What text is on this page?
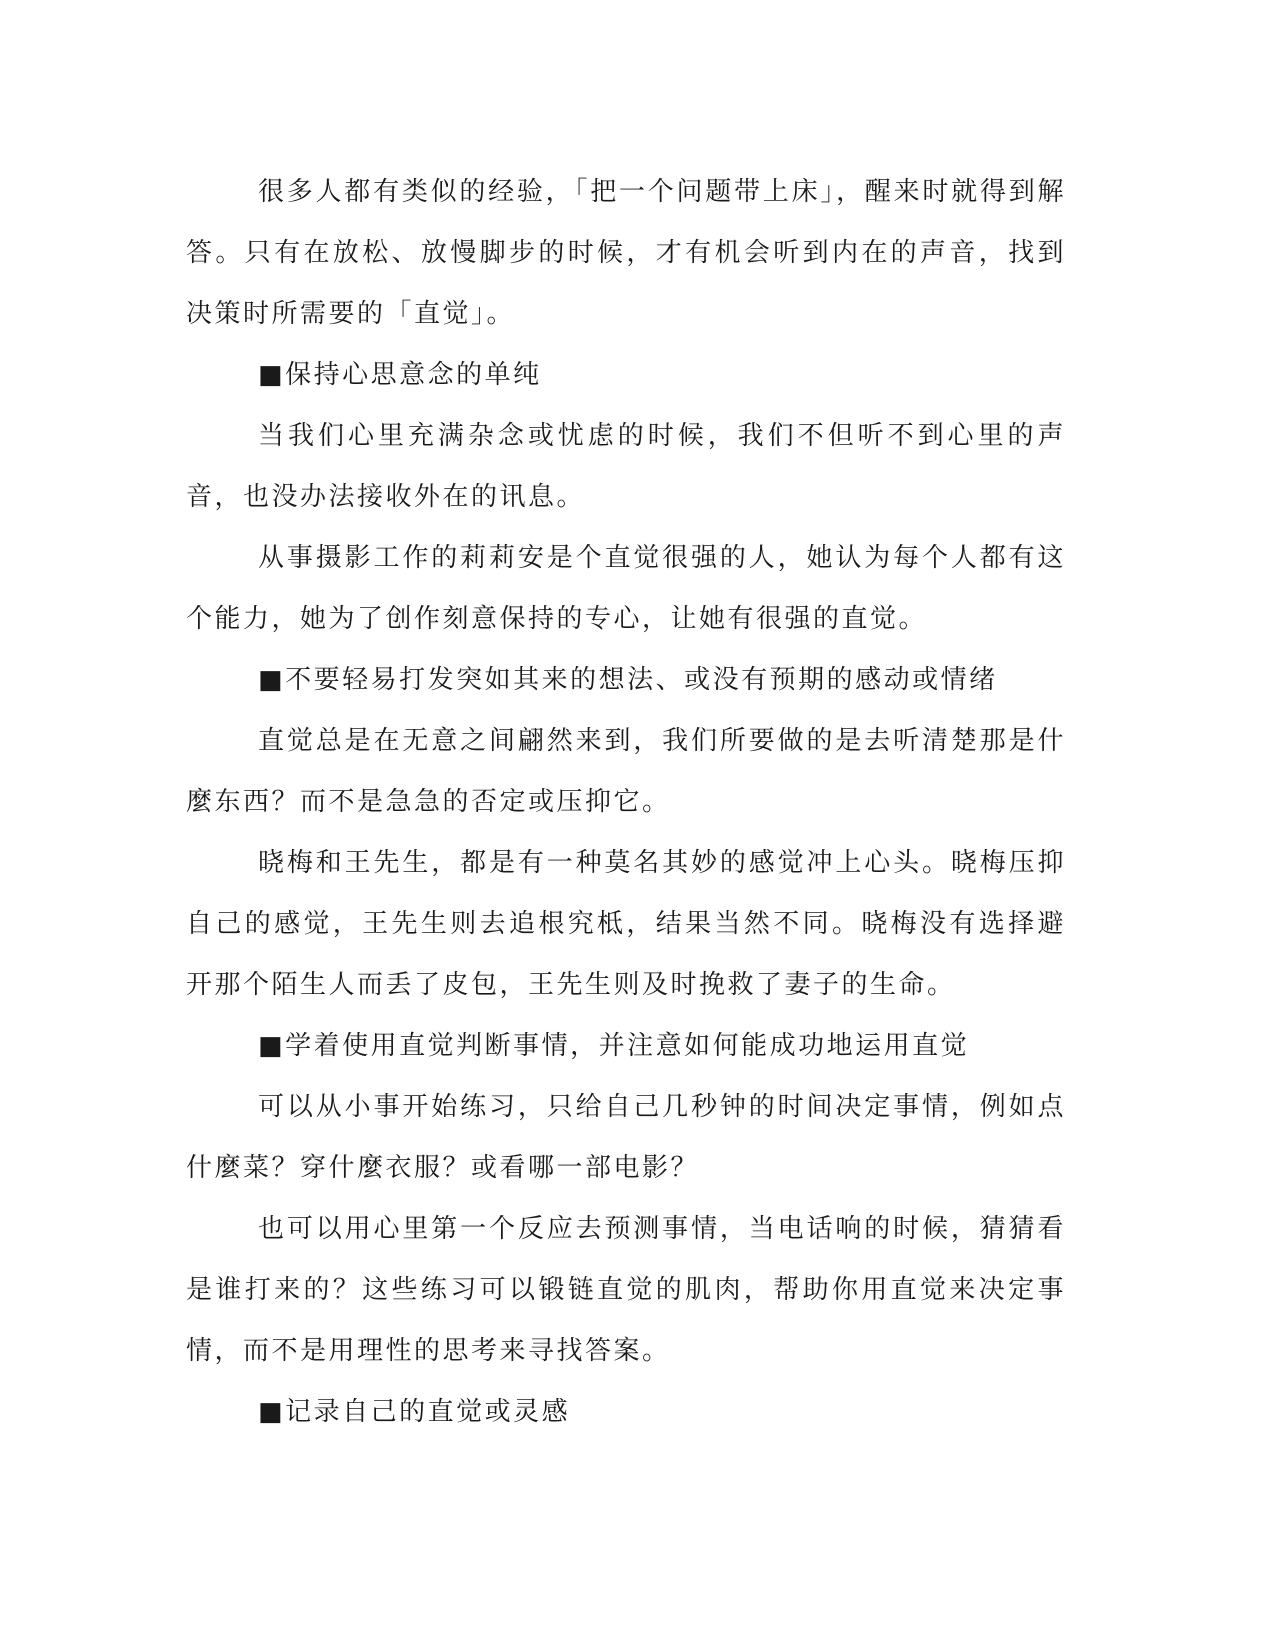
很多人都有类似的经验，「把一个问题带上床」，醒来时就得到解答。只有在放松、放慢脚步的时候，才有机会听到内在的声音，找到决策时所需要的「直觉」。

■保持心思意念的单纯

当我们心里充满杂念或忧虑的时候，我们不但听不到心里的声音，也没办法接收外在的讯息。

从事摄影工作的莉莉安是个直觉很强的人，她认为每个人都有这个能力，她为了创作刻意保持的专心，让她有很强的直觉。

■不要轻易打发突如其来的想法、或没有预期的感动或情绪

直觉总是在无意之间翩然来到，我们所要做的是去听清楚那是什麼东西？而不是急急的否定或压抑它。

晓梅和王先生，都是有一种莫名其妙的感觉冲上心头。晓梅压抑自己的感觉，王先生则去追根究柢，结果当然不同。晓梅没有选择避开那个陌生人而丢了皮包，王先生则及时挽救了妻子的生命。

■学着使用直觉判断事情，并注意如何能成功地运用直觉

可以从小事开始练习，只给自己几秒钟的时间决定事情，例如点什麼菜？穿什麼衣服？或看哪一部电影？

也可以用心里第一个反应去预测事情，当电话响的时候，猜猜看是谁打来的？这些练习可以锻链直觉的肌肉，帮助你用直觉来决定事情，而不是用理性的思考来寻找答案。

■记录自己的直觉或灵感
